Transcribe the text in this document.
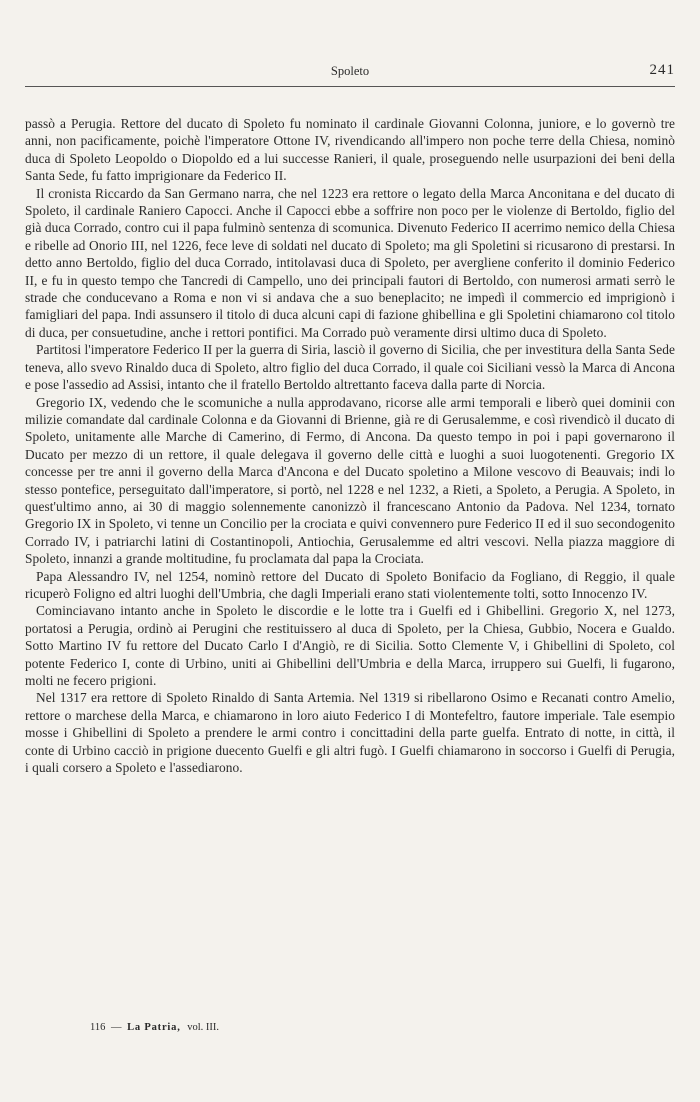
Spoleto	241

passò a Perugia. Rettore del ducato di Spoleto fu nominato il cardinale Giovanni Colonna, juniore, e lo governò tre anni, non pacificamente, poichè l'imperatore Ottone IV, rivendicando all'impero non poche terre della Chiesa, nominò duca di Spoleto Leopoldo o Diopoldo ed a lui successe Ranieri, il quale, proseguendo nelle usurpazioni dei beni della Santa Sede, fu fatto imprigionare da Federico II.

Il cronista Riccardo da San Germano narra, che nel 1223 era rettore o legato della Marca Anconitana e del ducato di Spoleto, il cardinale Raniero Capocci. Anche il Capocci ebbe a soffrire non poco per le violenze di Bertoldo, figlio del già duca Corrado, contro cui il papa fulminò sentenza di scomunica. Divenuto Federico II acerrimo nemico della Chiesa e ribelle ad Onorio III, nel 1226, fece leve di soldati nel ducato di Spoleto; ma gli Spoletini si ricusarono di prestarsi. In detto anno Bertoldo, figlio del duca Corrado, intitolavasi duca di Spoleto, per avergliene conferito il dominio Federico II, e fu in questo tempo che Tancredi di Campello, uno dei principali fautori di Bertoldo, con numerosi armati serrò le strade che conducevano a Roma e non vi si andava che a suo beneplacito; ne impedì il commercio ed imprigionò i famigliari del papa. Indi assunsero il titolo di duca alcuni capi di fazione ghibellina e gli Spoletini chiamarono col titolo di duca, per consuetudine, anche i rettori pontifici. Ma Corrado può veramente dirsi ultimo duca di Spoleto.

Partitosi l'imperatore Federico II per la guerra di Siria, lasciò il governo di Sicilia, che per investitura della Santa Sede teneva, allo svevo Rinaldo duca di Spoleto, altro figlio del duca Corrado, il quale coi Siciliani vessò la Marca di Ancona e pose l'assedio ad Assisi, intanto che il fratello Bertoldo altrettanto faceva dalla parte di Norcia.

Gregorio IX, vedendo che le scomuniche a nulla approdavano, ricorse alle armi temporali e liberò quei dominii con milizie comandate dal cardinale Colonna e da Giovanni di Brienne, già re di Gerusalemme, e così rivendicò il ducato di Spoleto, unitamente alle Marche di Camerino, di Fermo, di Ancona. Da questo tempo in poi i papi governarono il Ducato per mezzo di un rettore, il quale delegava il governo delle città e luoghi a suoi luogotenenti. Gregorio IX concesse per tre anni il governo della Marca d'Ancona e del Ducato spoletino a Milone vescovo di Beauvais; indi lo stesso pontefice, perseguitato dall'imperatore, si portò, nel 1228 e nel 1232, a Rieti, a Spoleto, a Perugia. A Spoleto, in quest'ultimo anno, ai 30 di maggio solennemente canonizzò il francescano Antonio da Padova. Nel 1234, tornato Gregorio IX in Spoleto, vi tenne un Concilio per la crociata e quivi convennero pure Federico II ed il suo secondogenito Corrado IV, i patriarchi latini di Costantinopoli, Antiochia, Gerusalemme ed altri vescovi. Nella piazza maggiore di Spoleto, innanzi a grande moltitudine, fu proclamata dal papa la Crociata.

Papa Alessandro IV, nel 1254, nominò rettore del Ducato di Spoleto Bonifacio da Fogliano, di Reggio, il quale ricuperò Foligno ed altri luoghi dell'Umbria, che dagli Imperiali erano stati violentemente tolti, sotto Innocenzo IV.

Cominciavano intanto anche in Spoleto le discordie e le lotte tra i Guelfi ed i Ghibellini. Gregorio X, nel 1273, portatosi a Perugia, ordinò ai Perugini che restituissero al duca di Spoleto, per la Chiesa, Gubbio, Nocera e Gualdo. Sotto Martino IV fu rettore del Ducato Carlo I d'Angiò, re di Sicilia. Sotto Clemente V, i Ghibellini di Spoleto, col potente Federico I, conte di Urbino, uniti ai Ghibellini dell'Umbria e della Marca, irruppero sui Guelfi, li fugarono, molti ne fecero prigioni.

Nel 1317 era rettore di Spoleto Rinaldo di Santa Artemia. Nel 1319 si ribellarono Osimo e Recanati contro Amelio, rettore o marchese della Marca, e chiamarono in loro aiuto Federico I di Montefeltro, fautore imperiale. Tale esempio mosse i Ghibellini di Spoleto a prendere le armi contro i concittadini della parte guelfa. Entrato di notte, in città, il conte di Urbino cacciò in prigione duecento Guelfi e gli altri fugò. I Guelfi chiamarono in soccorso i Guelfi di Perugia, i quali corsero a Spoleto e l'assediarono.

116 — La Patria, vol. III.
